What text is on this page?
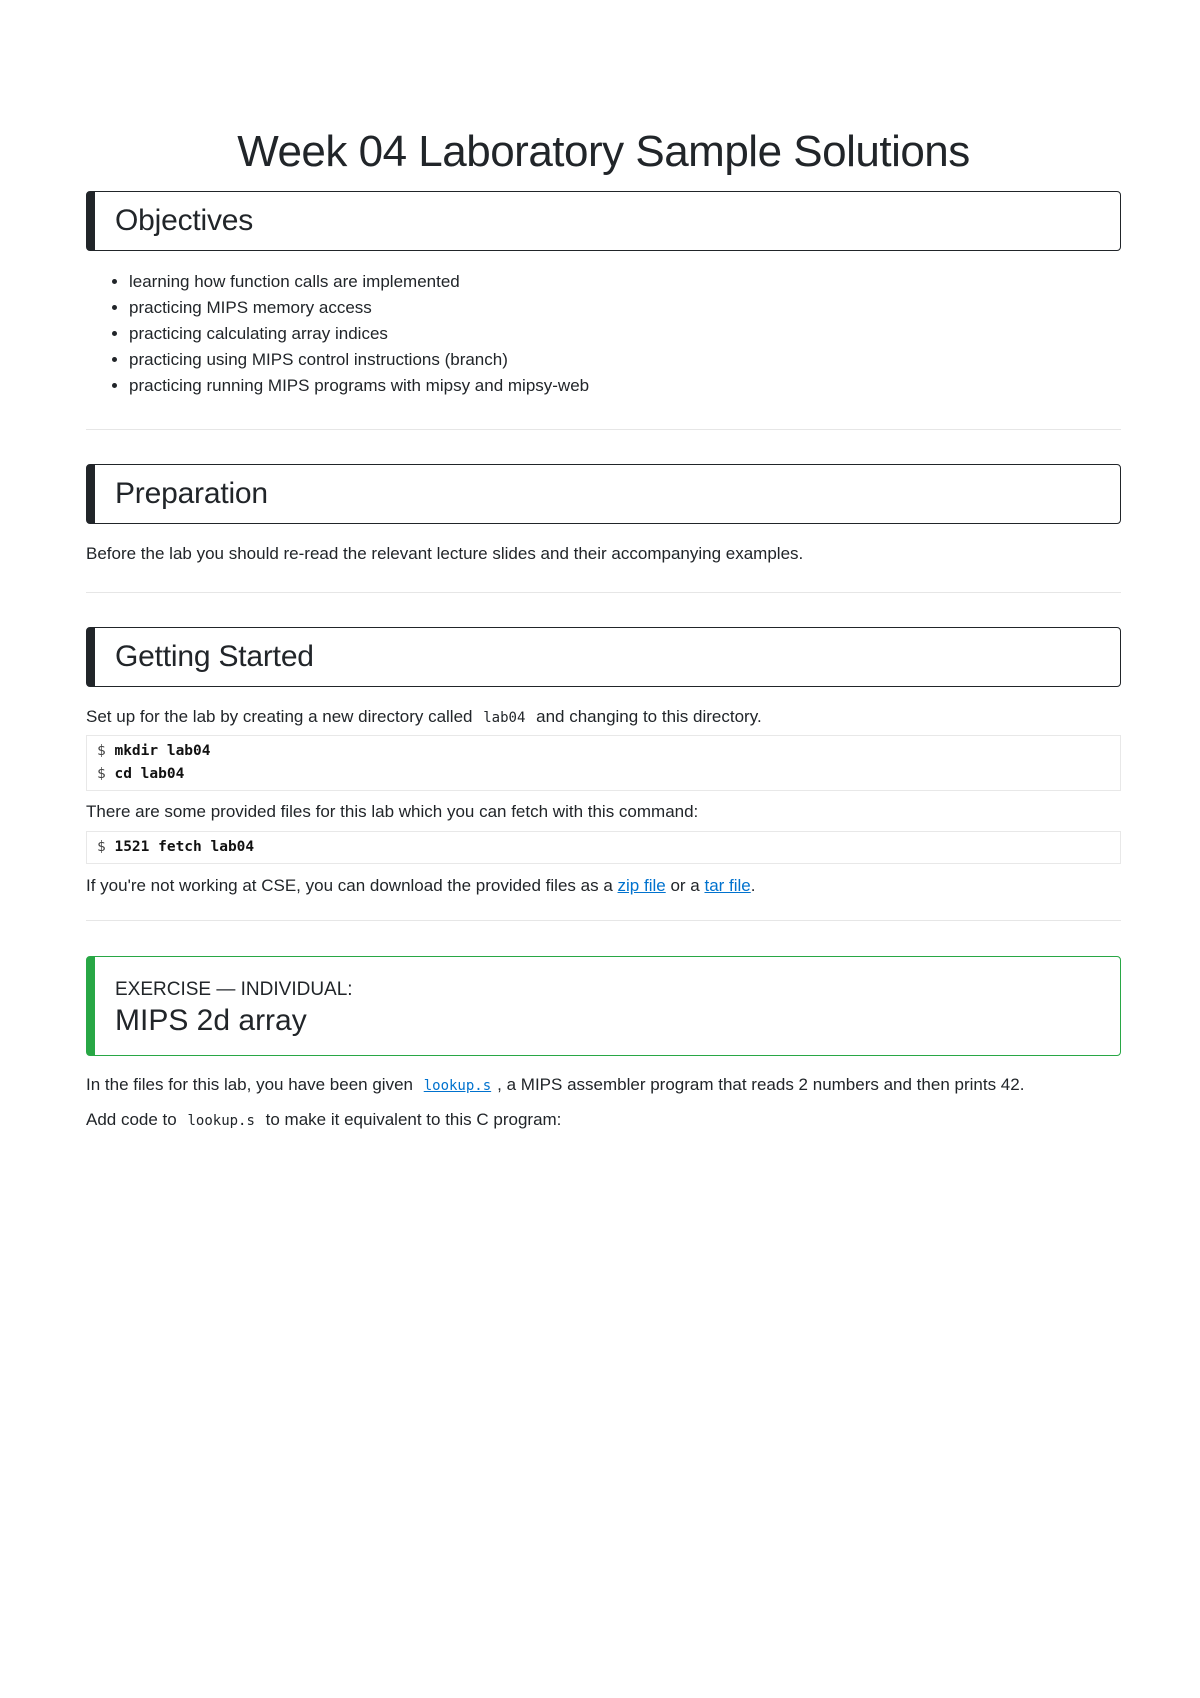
Week 04 Laboratory Sample Solutions
Objectives
• learning how function calls are implemented
• practicing MIPS memory access
• practicing calculating array indices
• practicing using MIPS control instructions (branch)
• practicing running MIPS programs with mipsy and mipsy-web
Preparation

Before the lab you should re-read the relevant lecture slides and their accompanying examples.

Getting Started

Set up for the lab by creating a new directory called lab04 and changing to this directory.

$ mkdir lab04
$ cd lab04

There are some provided files for this lab which you can fetch with this command:

$ 1521 fetch lab04

If you're not working at CSE, you can download the provided files as a zip file or a tar file.

EXERCISE — INDIVIDUAL:
MIPS 2d array

In the files for this lab, you have been given lookup.s , a MIPS assembler program that reads 2 numbers and then prints 42.

Add code to lookup.s to make it equivalent to this C program:
